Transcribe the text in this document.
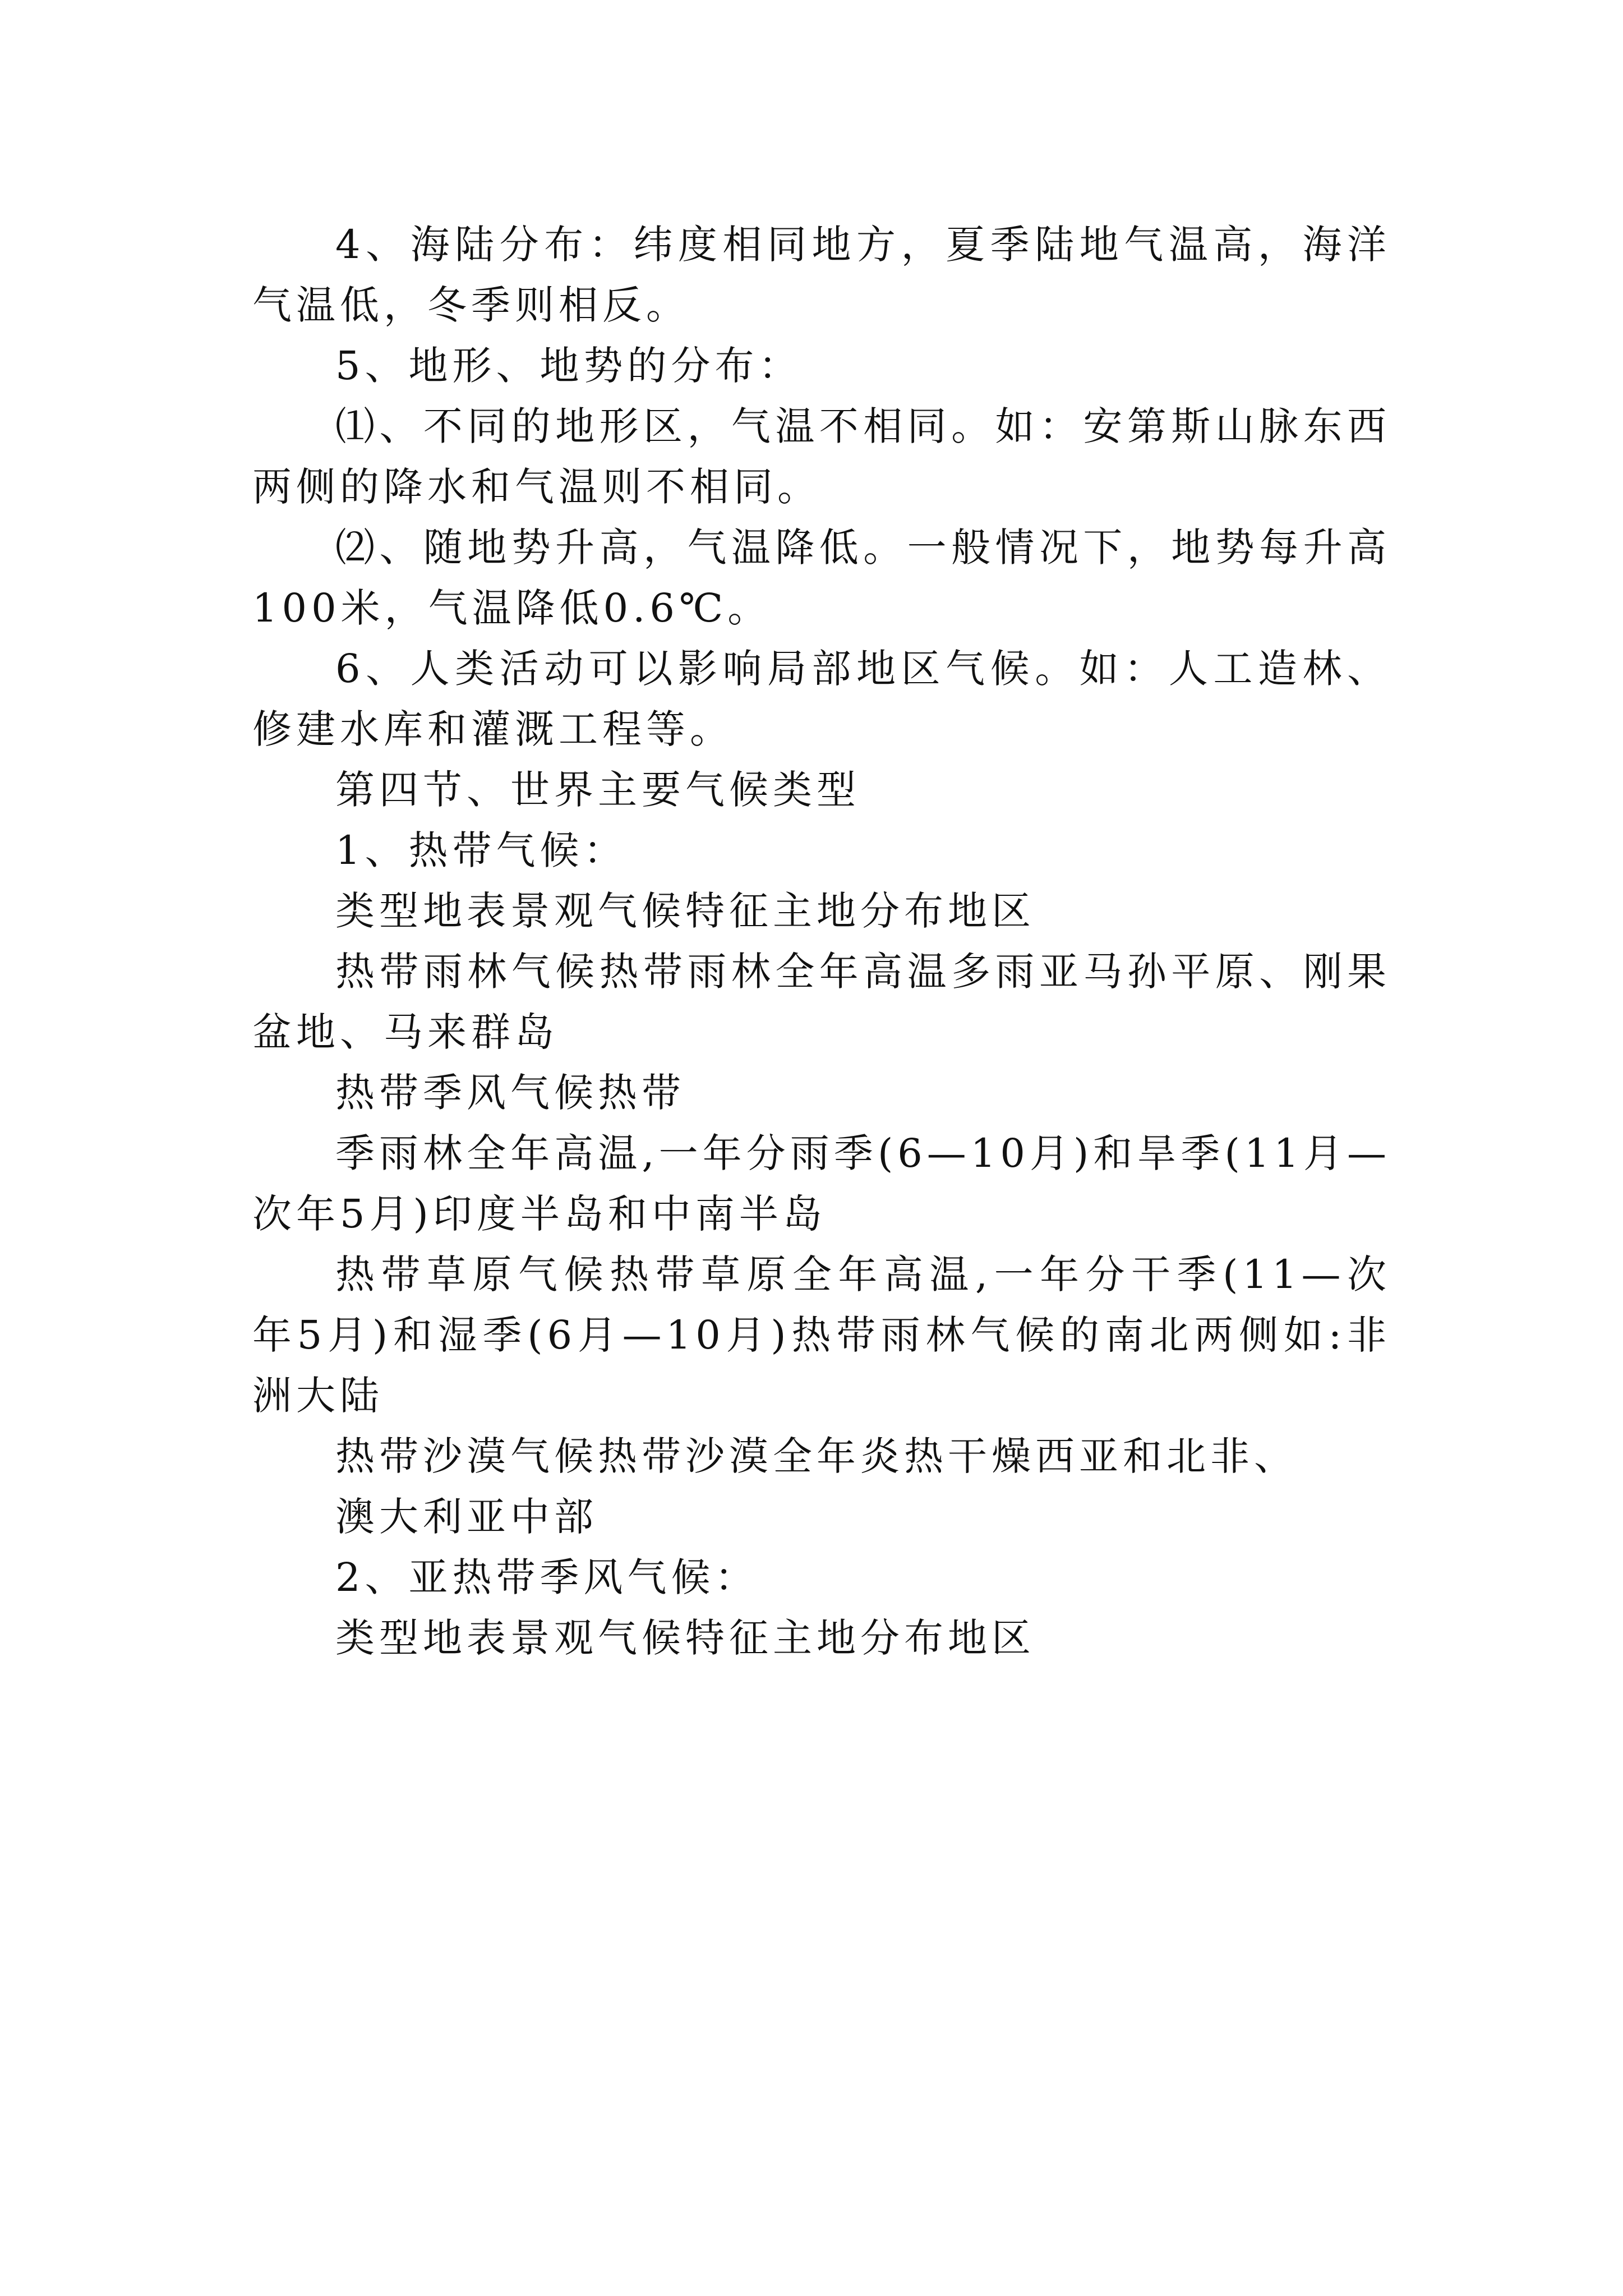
4、海陆分布：纬度相同地方，夏季陆地气温高，海洋气温低，冬季则相反。

5、地形、地势的分布：

⑴、不同的地形区，气温不相同。如：安第斯山脉东西两侧的降水和气温则不相同。

⑵、随地势升高，气温降低。一般情况下，地势每升高100米，气温降低0.6℃。

6、人类活动可以影响局部地区气候。如：人工造林、修建水库和灌溉工程等。

第四节、世界主要气候类型

1、热带气候：

类型地表景观气候特征主地分布地区

热带雨林气候热带雨林全年高温多雨亚马孙平原、刚果盆地、马来群岛

热带季风气候热带

季雨林全年高温,一年分雨季(6—10月)和旱季(11月—次年5月)印度半岛和中南半岛

热带草原气候热带草原全年高温,一年分干季(11—次年5月)和湿季(6月—10月)热带雨林气候的南北两侧如:非洲大陆

热带沙漠气候热带沙漠全年炎热干燥西亚和北非、

澳大利亚中部

2、亚热带季风气候：

类型地表景观气候特征主地分布地区
